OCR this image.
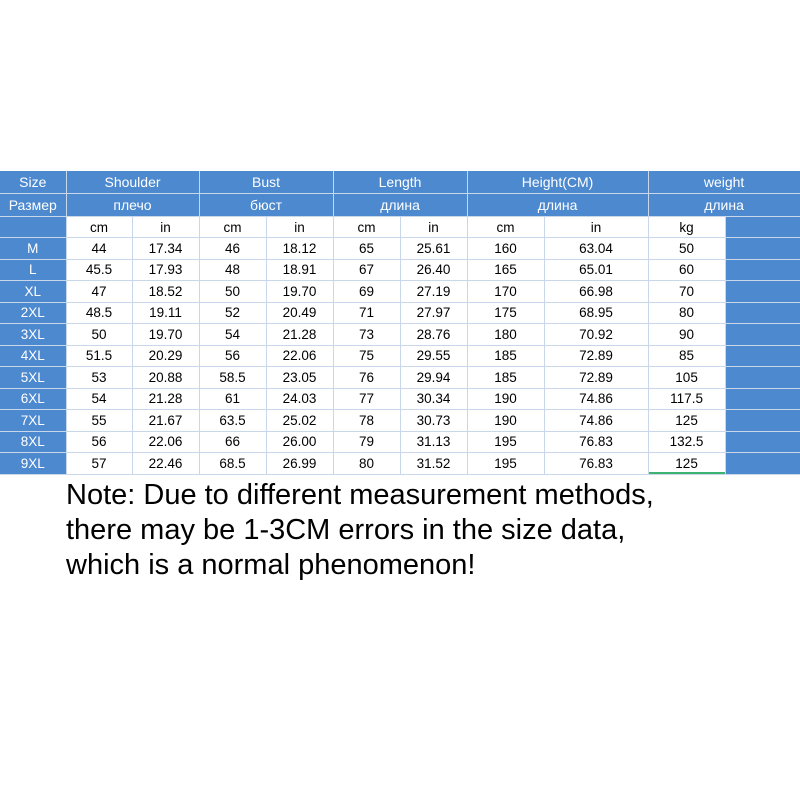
Size	Shoulder		Bust		Length		Height(CM)		weight	
Размер	плечо		бюст		длина		длина		длина	
	cm	in	cm	in	cm	in	cm	in	kg	
M	44	17.34	46	18.12	65	25.61	160	63.04	50	
L	45.5	17.93	48	18.91	67	26.40	165	65.01	60	
XL	47	18.52	50	19.70	69	27.19	170	66.98	70	
2XL	48.5	19.11	52	20.49	71	27.97	175	68.95	80	
3XL	50	19.70	54	21.28	73	28.76	180	70.92	90	
4XL	51.5	20.29	56	22.06	75	29.55	185	72.89	85	
5XL	53	20.88	58.5	23.05	76	29.94	185	72.89	105	
6XL	54	21.28	61	24.03	77	30.34	190	74.86	117.5	
7XL	55	21.67	63.5	25.02	78	30.73	190	74.86	125	
8XL	56	22.06	66	26.00	79	31.13	195	76.83	132.5	
9XL	57	22.46	68.5	26.99	80	31.52	195	76.83	125	

Note: Due to different measurement methods,
there may be 1-3CM errors in the size data,
which is a normal phenomenon!
